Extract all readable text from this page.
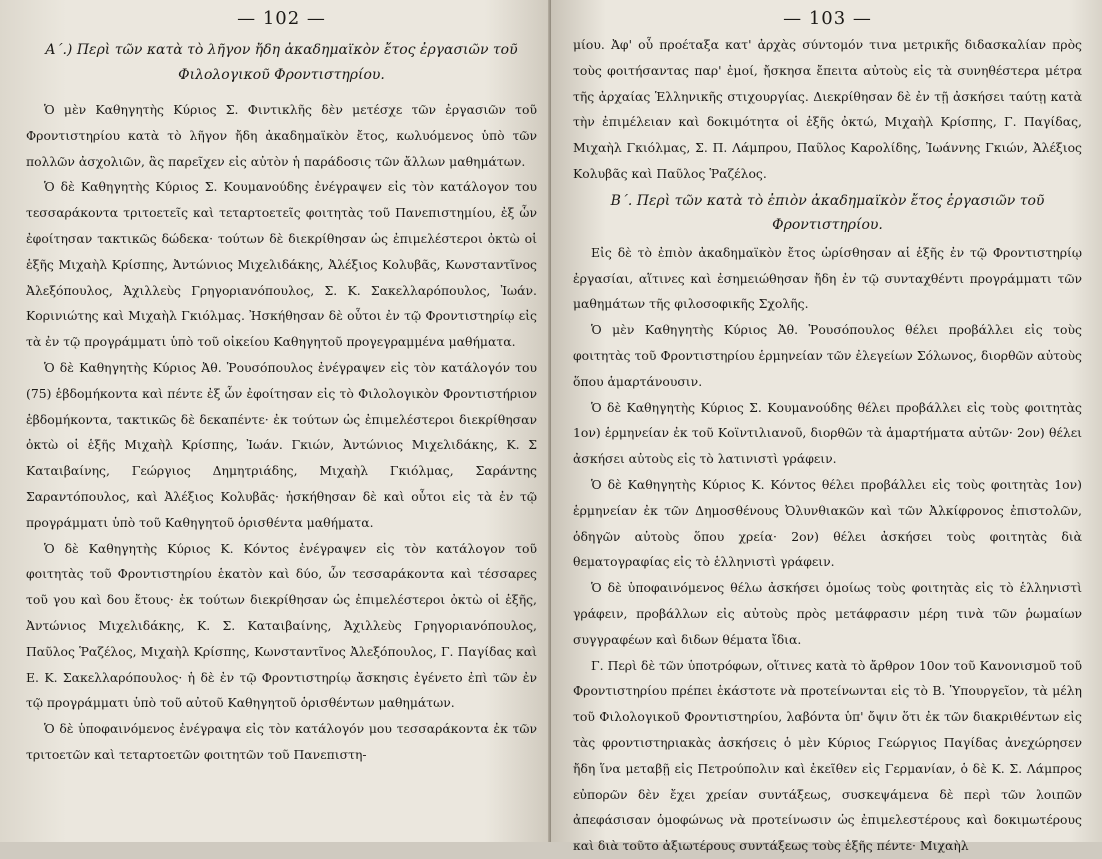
— 102 —
A´.) Περὶ τῶν κατὰ τὸ λῆγον ἤδη ἀκαδημαϊκὸν ἔτος ἐργασιῶν τοῦ Φιλολογικοῦ Φροντιστηρίου.

Ὁ μὲν Καθηγητὴς Κύριος Σ. Φιντικλῆς δὲν μετέσχε τῶν ἐργασιῶν τοῦ Φροντιστηρίου κατὰ τὸ λῆγον ἤδη ἀκαδημαϊκὸν ἔτος, κωλυόμενος ὑπὸ τῶν πολλῶν ἀσχολιῶν, ἃς παρεῖχεν εἰς αὐτὸν ἡ παράδοσις τῶν ἄλλων μαθημάτων.

Ὁ δὲ Καθηγητὴς Κύριος Σ. Κουμανούδης ἐνέγραψεν εἰς τὸν κατάλογον του τεσσαράκοντα τριτοετεῖς καὶ τεταρτοετεῖς φοιτητὰς τοῦ Πανεπιστημίου, ἐξ ὧν ἐφοίτησαν τακτικῶς δώδεκα· τούτων δὲ διεκρίθησαν ὡς ἐπιμελέστεροι ὀκτὼ οἱ ἑξῆς Μιχαὴλ Κρίσπης, Ἀντώνιος Μιχελιδάκης, Ἀλέξιος Κολυβᾶς, Κωνσταντῖνος Ἀλεξόπουλος, Ἀχιλλεὺς Γρηγοριανόπουλος, Σ. Κ. Σακελλαρόπουλος, Ἰωάν. Κορινιώτης καὶ Μιχαὴλ Γκιόλμας. Ἠσκήθησαν δὲ οὗτοι ἐν τῷ Φροντιστηρίῳ εἰς τὰ ἐν τῷ προγράμματι ὑπὸ τοῦ οἰκείου Καθηγητοῦ προγεγραμμένα μαθήματα.

Ὁ δὲ Καθηγητὴς Κύριος Ἀθ. Ῥουσόπουλος ἐνέγραψεν εἰς τὸν κατάλογόν του (75) ἑβδομήκοντα καὶ πέντε ἐξ ὧν ἐφοίτησαν εἰς τὸ Φιλολογικὸν Φροντιστήριον ἑβδομήκοντα, τακτικῶς δὲ δεκαπέντε· ἐκ τούτων ὡς ἐπιμελέστεροι διεκρίθησαν ὀκτὼ οἱ ἑξῆς Μιχαὴλ Κρίσπης, Ἰωάν. Γκιών, Ἀντώνιος Μιχελιδάκης, Κ. Σ Καταιβαίνης, Γεώργιος Δημητριάδης, Μιχαὴλ Γκιόλμας, Σαράντης Σαραντόπουλος, καὶ Ἀλέξιος Κολυβᾶς· ἠσκήθησαν δὲ καὶ οὗτοι εἰς τὰ ἐν τῷ προγράμματι ὑπὸ τοῦ Καθηγητοῦ ὁρισθέντα μαθήματα.

Ὁ δὲ Καθηγητὴς Κύριος Κ. Κόντος ἐνέγραψεν εἰς τὸν κατάλογον τοῦ φοιτητὰς τοῦ Φροντιστηρίου ἑκατὸν καὶ δύο, ὧν τεσσαράκοντα καὶ τέσσαρες τοῦ γου καὶ δου ἔτους· ἐκ τούτων διεκρίθησαν ὡς ἐπιμελέστεροι ὀκτὼ οἱ ἑξῆς, Ἀντώνιος Μιχελιδάκης, Κ. Σ. Καταιβαίνης, Ἀχιλλεὺς Γρηγοριανόπουλος, Παῦλος Ῥαζέλος, Μιχαὴλ Κρίσπης, Κωνσταντῖνος Ἀλεξόπουλος, Γ. Παγίδας καὶ Ε. Κ. Σακελλαρόπουλος· ἡ δὲ ἐν τῷ Φροντιστηρίῳ ἄσκησις ἐγένετο ἐπὶ τῶν ἐν τῷ προγράμματι ὑπὸ τοῦ αὐτοῦ Καθηγητοῦ ὁρισθέντων μαθημάτων.

Ὁ δὲ ὑποφαινόμενος ἐνέγραψα εἰς τὸν κατάλογόν μου τεσσαράκοντα ἐκ τῶν τριτοετῶν καὶ τεταρτοετῶν φοιτητῶν τοῦ Πανεπιστη-

— 103 —

μίου. Ἀφ' οὗ προέταξα κατ' ἀρχὰς σύντομόν τινα μετρικῆς διδασκαλίαν πρὸς τοὺς φοιτήσαντας παρ' ἐμοί, ἤσκησα ἔπειτα αὐτοὺς εἰς τὰ συνηθέστερα μέτρα τῆς ἀρχαίας Ἑλληνικῆς στιχουργίας. Διεκρίθησαν δὲ ἐν τῇ ἀσκήσει ταύτῃ κατὰ τὴν ἐπιμέλειαν καὶ δοκιμότητα οἱ ἑξῆς ὀκτώ, Μιχαὴλ Κρίσπης, Γ. Παγίδας, Μιχαὴλ Γκιόλμας, Σ. Π. Λάμπρου, Παῦλος Καρολίδης, Ἰωάννης Γκιών, Ἀλέξιος Κολυβᾶς καὶ Παῦλος Ῥαζέλος.

B´. Περὶ τῶν κατὰ τὸ ἐπιὸν ἀκαδημαϊκὸν ἔτος ἐργασιῶν τοῦ Φροντιστηρίου.

Εἰς δὲ τὸ ἐπιὸν ἀκαδημαϊκὸν ἔτος ὡρίσθησαν αἱ ἑξῆς ἐν τῷ Φροντιστηρίῳ ἐργασίαι, αἵτινες καὶ ἐσημειώθησαν ἤδη ἐν τῷ συνταχθέντι προγράμματι τῶν μαθημάτων τῆς φιλοσοφικῆς Σχολῆς.

Ὁ μὲν Καθηγητὴς Κύριος Ἀθ. Ῥουσόπουλος θέλει προβάλλει εἰς τοὺς φοιτητὰς τοῦ Φροντιστηρίου ἑρμηνείαν τῶν ἐλεγείων Σόλωνος, διορθῶν αὐτοὺς ὅπου ἁμαρτάνουσιν.

Ὁ δὲ Καθηγητὴς Κύριος Σ. Κουμανούδης θέλει προβάλλει εἰς τοὺς φοιτητὰς 1ον) ἑρμηνείαν ἐκ τοῦ Κοϊντιλιανοῦ, διορθῶν τὰ ἁμαρτήματα αὐτῶν· 2ον) θέλει ἀσκήσει αὐτοὺς εἰς τὸ λατινιστὶ γράφειν.

Ὁ δὲ Καθηγητὴς Κύριος Κ. Κόντος θέλει προβάλλει εἰς τοὺς φοιτητὰς 1ον) ἑρμηνείαν ἐκ τῶν Δημοσθένους Ὀλυνθιακῶν καὶ τῶν Ἀλκίφρονος ἐπιστολῶν, ὁδηγῶν αὐτοὺς ὅπου χρεία· 2ον) θέλει ἀσκήσει τοὺς φοιτητὰς διὰ θεματογραφίας εἰς τὸ ἑλληνιστὶ γράφειν.

Ὁ δὲ ὑποφαινόμενος θέλω ἀσκήσει ὁμοίως τοὺς φοιτητὰς εἰς τὸ ἑλληνιστὶ γράφειν, προβάλλων εἰς αὐτοὺς πρὸς μετάφρασιν μέρη τινὰ τῶν ῥωμαίων συγγραφέων καὶ διδων θέματα ἴδια.

Γ. Περὶ δὲ τῶν ὑποτρόφων, οἵτινες κατὰ τὸ ἄρθρον 10ον τοῦ Κανονισμοῦ τοῦ Φροντιστηρίου πρέπει ἑκάστοτε νὰ προτείνωνται εἰς τὸ Β. Ὑπουργεῖον, τὰ μέλη τοῦ Φιλολογικοῦ Φροντιστηρίου, λαβόντα ὑπ' ὄψιν ὅτι ἐκ τῶν διακριθέντων εἰς τὰς φροντιστηριακὰς ἀσκήσεις ὁ μὲν Κύριος Γεώργιος Παγίδας ἀνεχώρησεν ἤδη ἵνα μεταβῇ εἰς Πετρούπολιν καὶ ἐκεῖθεν εἰς Γερμανίαν, ὁ δὲ Κ. Σ. Λάμπρος εὐπορῶν δὲν ἔχει χρείαν συντάξεως, συσκεψάμενα δὲ περὶ τῶν λοιπῶν ἀπεφάσισαν ὁμοφώνως νὰ προτείνωσιν ὡς ἐπιμελεστέρους καὶ δοκιμωτέρους καὶ διὰ τοῦτο ἀξιωτέρους συντάξεως τοὺς ἑξῆς πέντε· Μιχαὴλ
